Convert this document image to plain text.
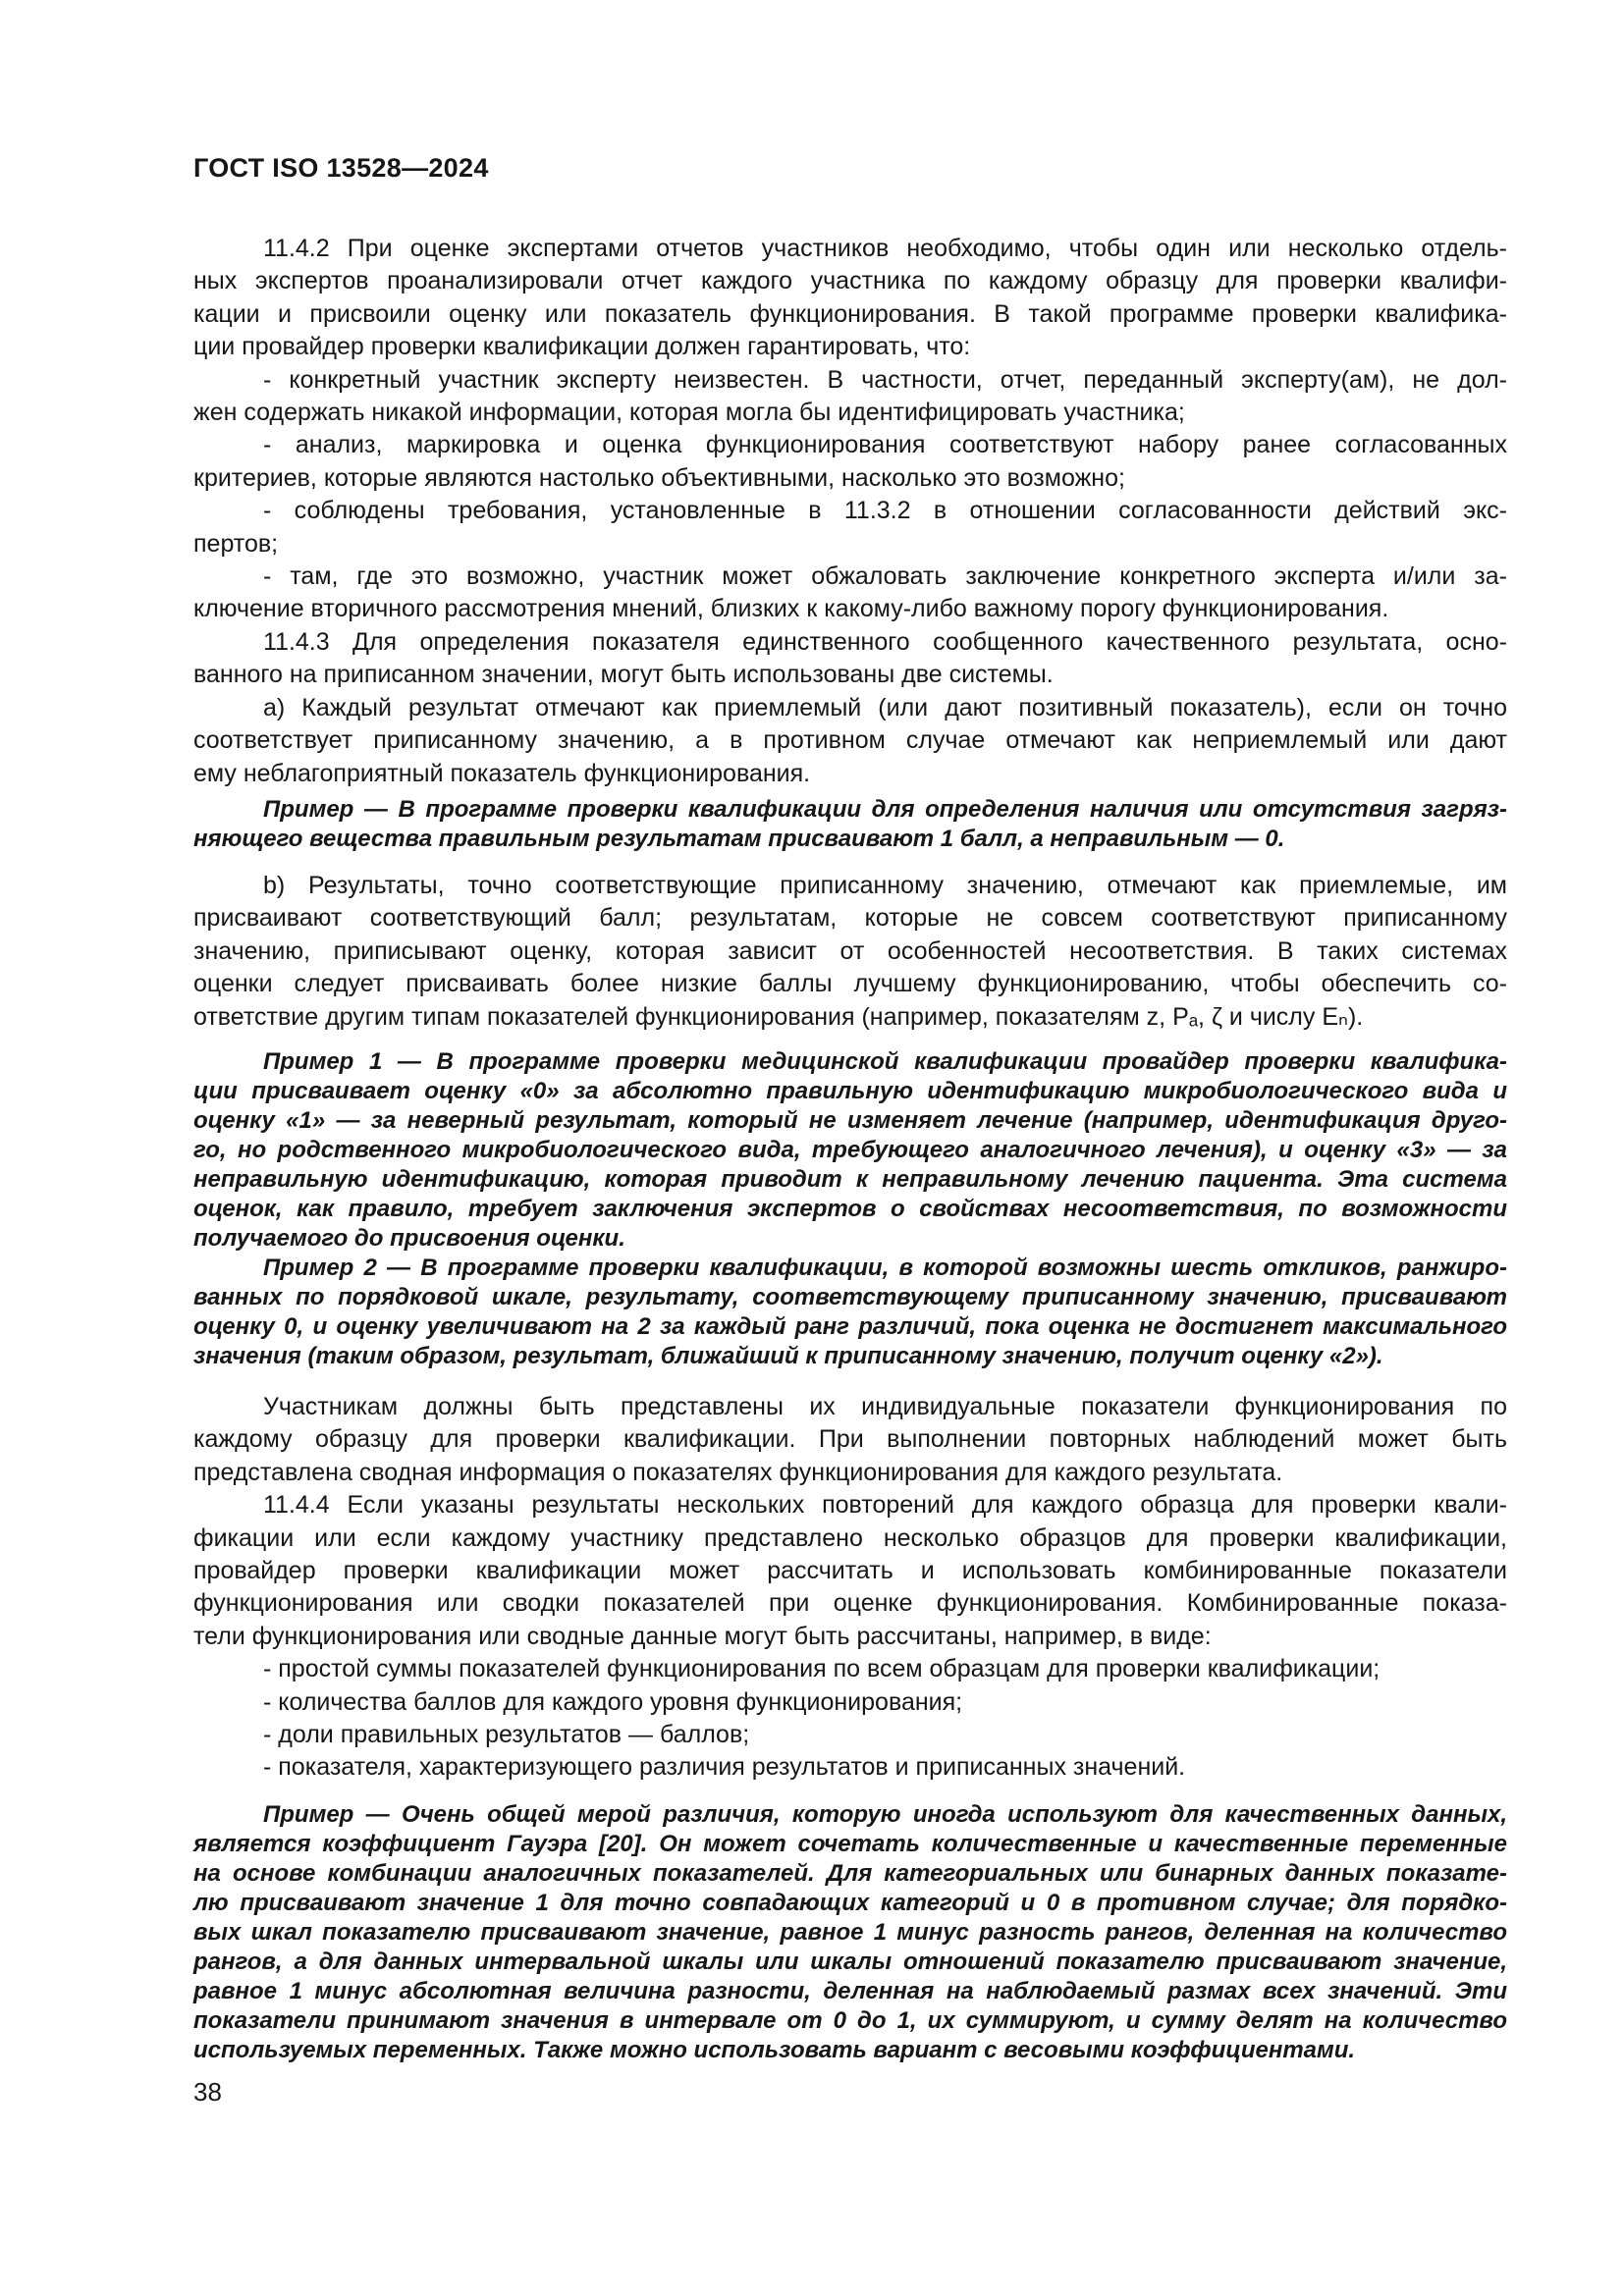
ГОСТ ISO 13528—2024
11.4.2 При оценке экспертами отчетов участников необходимо, чтобы один или несколько отдель-
ных экспертов проанализировали отчет каждого участника по каждому образцу для проверки квалифи-
кации и присвоили оценку или показатель функционирования. В такой программе проверки квалифика-
ции провайдер проверки квалификации должен гарантировать, что:
- конкретный участник эксперту неизвестен. В частности, отчет, переданный эксперту(ам), не дол-
жен содержать никакой информации, которая могла бы идентифицировать участника;
- анализ, маркировка и оценка функционирования соответствуют набору ранее согласованных
критериев, которые являются настолько объективными, насколько это возможно;
- соблюдены требования, установленные в 11.3.2 в отношении согласованности действий экс-
пертов;
- там, где это возможно, участник может обжаловать заключение конкретного эксперта и/или за-
ключение вторичного рассмотрения мнений, близких к какому-либо важному порогу функционирования.
11.4.3 Для определения показателя единственного сообщенного качественного результата, осно-
ванного на приписанном значении, могут быть использованы две системы.
a) Каждый результат отмечают как приемлемый (или дают позитивный показатель), если он точно
соответствует приписанному значению, а в противном случае отмечают как неприемлемый или дают
ему неблагоприятный показатель функционирования.
Пример — В программе проверки квалификации для определения наличия или отсутствия загряз-
няющего вещества правильным результатам присваивают 1 балл, а неправильным — 0.
b) Результаты, точно соответствующие приписанному значению, отмечают как приемлемые, им
присваивают соответствующий балл; результатам, которые не совсем соответствуют приписанному
значению, приписывают оценку, которая зависит от особенностей несоответствия. В таких системах
оценки следует присваивать более низкие баллы лучшему функционированию, чтобы обеспечить со-
ответствие другим типам показателей функционирования (например, показателям z, Pₐ, ζ и числу Eₙ).
Пример 1 — В программе проверки медицинской квалификации провайдер проверки квалифика-
ции присваивает оценку «0» за абсолютно правильную идентификацию микробиологического вида и
оценку «1» — за неверный результат, который не изменяет лечение (например, идентификация друго-
го, но родственного микробиологического вида, требующего аналогичного лечения), и оценку «3» — за
неправильную идентификацию, которая приводит к неправильному лечению пациента. Эта система
оценок, как правило, требует заключения экспертов о свойствах несоответствия, по возможности
получаемого до присвоения оценки.
Пример 2 — В программе проверки квалификации, в которой возможны шесть откликов, ранжиро-
ванных по порядковой шкале, результату, соответствующему приписанному значению, присваивают
оценку 0, и оценку увеличивают на 2 за каждый ранг различий, пока оценка не достигнет максимального
значения (таким образом, результат, ближайший к приписанному значению, получит оценку «2»).
Участникам должны быть представлены их индивидуальные показатели функционирования по
каждому образцу для проверки квалификации. При выполнении повторных наблюдений может быть
представлена сводная информация о показателях функционирования для каждого результата.
11.4.4 Если указаны результаты нескольких повторений для каждого образца для проверки квали-
фикации или если каждому участнику представлено несколько образцов для проверки квалификации,
провайдер проверки квалификации может рассчитать и использовать комбинированные показатели
функционирования или сводки показателей при оценке функционирования. Комбинированные показа-
тели функционирования или сводные данные могут быть рассчитаны, например, в виде:
- простой суммы показателей функционирования по всем образцам для проверки квалификации;
- количества баллов для каждого уровня функционирования;
- доли правильных результатов — баллов;
- показателя, характеризующего различия результатов и приписанных значений.
Пример — Очень общей мерой различия, которую иногда используют для качественных данных,
является коэффициент Гауэра [20]. Он может сочетать количественные и качественные переменные
на основе комбинации аналогичных показателей. Для категориальных или бинарных данных показате-
лю присваивают значение 1 для точно совпадающих категорий и 0 в противном случае; для порядко-
вых шкал показателю присваивают значение, равное 1 минус разность рангов, деленная на количество
рангов, а для данных интервальной шкалы или шкалы отношений показателю присваивают значение,
равное 1 минус абсолютная величина разности, деленная на наблюдаемый размах всех значений. Эти
показатели принимают значения в интервале от 0 до 1, их суммируют, и сумму делят на количество
используемых переменных. Также можно использовать вариант с весовыми коэффициентами.
38
